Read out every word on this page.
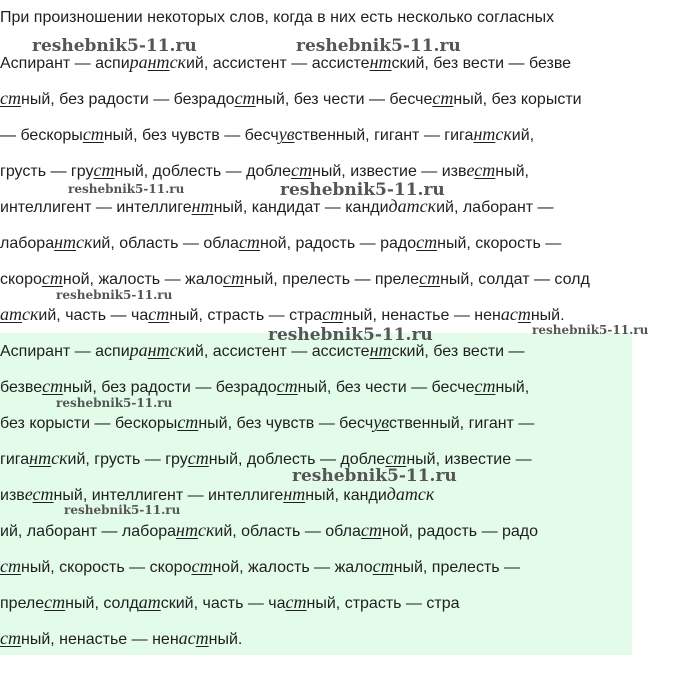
При произношении некоторых слов, когда в них есть несколько согласных
Аспирант — аспирантский, ассистент — ассистентский, без вести — безве
стный, без радости — безрадостный, без чести — бесчестный, без корысти
— бескорыстный, без чувств — бесчувственный, гигант — гигантский,
грусть — грустный, доблесть — доблестный, известие — известный,
интеллигент — интеллигентный, кандидат — кандидатский, лаборант —
лаборантский, область — областной, радость — радостный, скорость —
скоростной, жалость — жалостный, прелесть — прелестный, солдат — солд
атский, часть — частный, страсть — страстный, ненастье — ненастный.
Аспирант — аспирантский, ассистент — ассистентский, без вести —
безвестный, без радости — безрадостный, без чести — бесчестный,
без корысти — бескорыстный, без чувств — бесчувственный, гигант —
гигантский, грусть — грустный, доблесть — доблестный, известие —
известный, интеллигент — интеллигентный, кандидатск
ий, лаборант — лаборантский, область — областной, радость — радо
стный, скорость — скоростной, жалость — жалостный, прелесть —
прелестный, солдатский, часть — частный, страсть — стра
стный, ненастье — ненастный.
reshebnik5-11.ru	reshebnik5-11.ru
reshebnik5-11.ru	reshebnik5-11.ru
reshebnik5-11.ru
reshebnik5-11.ru
reshebnik5-11.ru
reshebnik5-11.ru
reshebnik5-11.ru
reshebnik5-11.ru
